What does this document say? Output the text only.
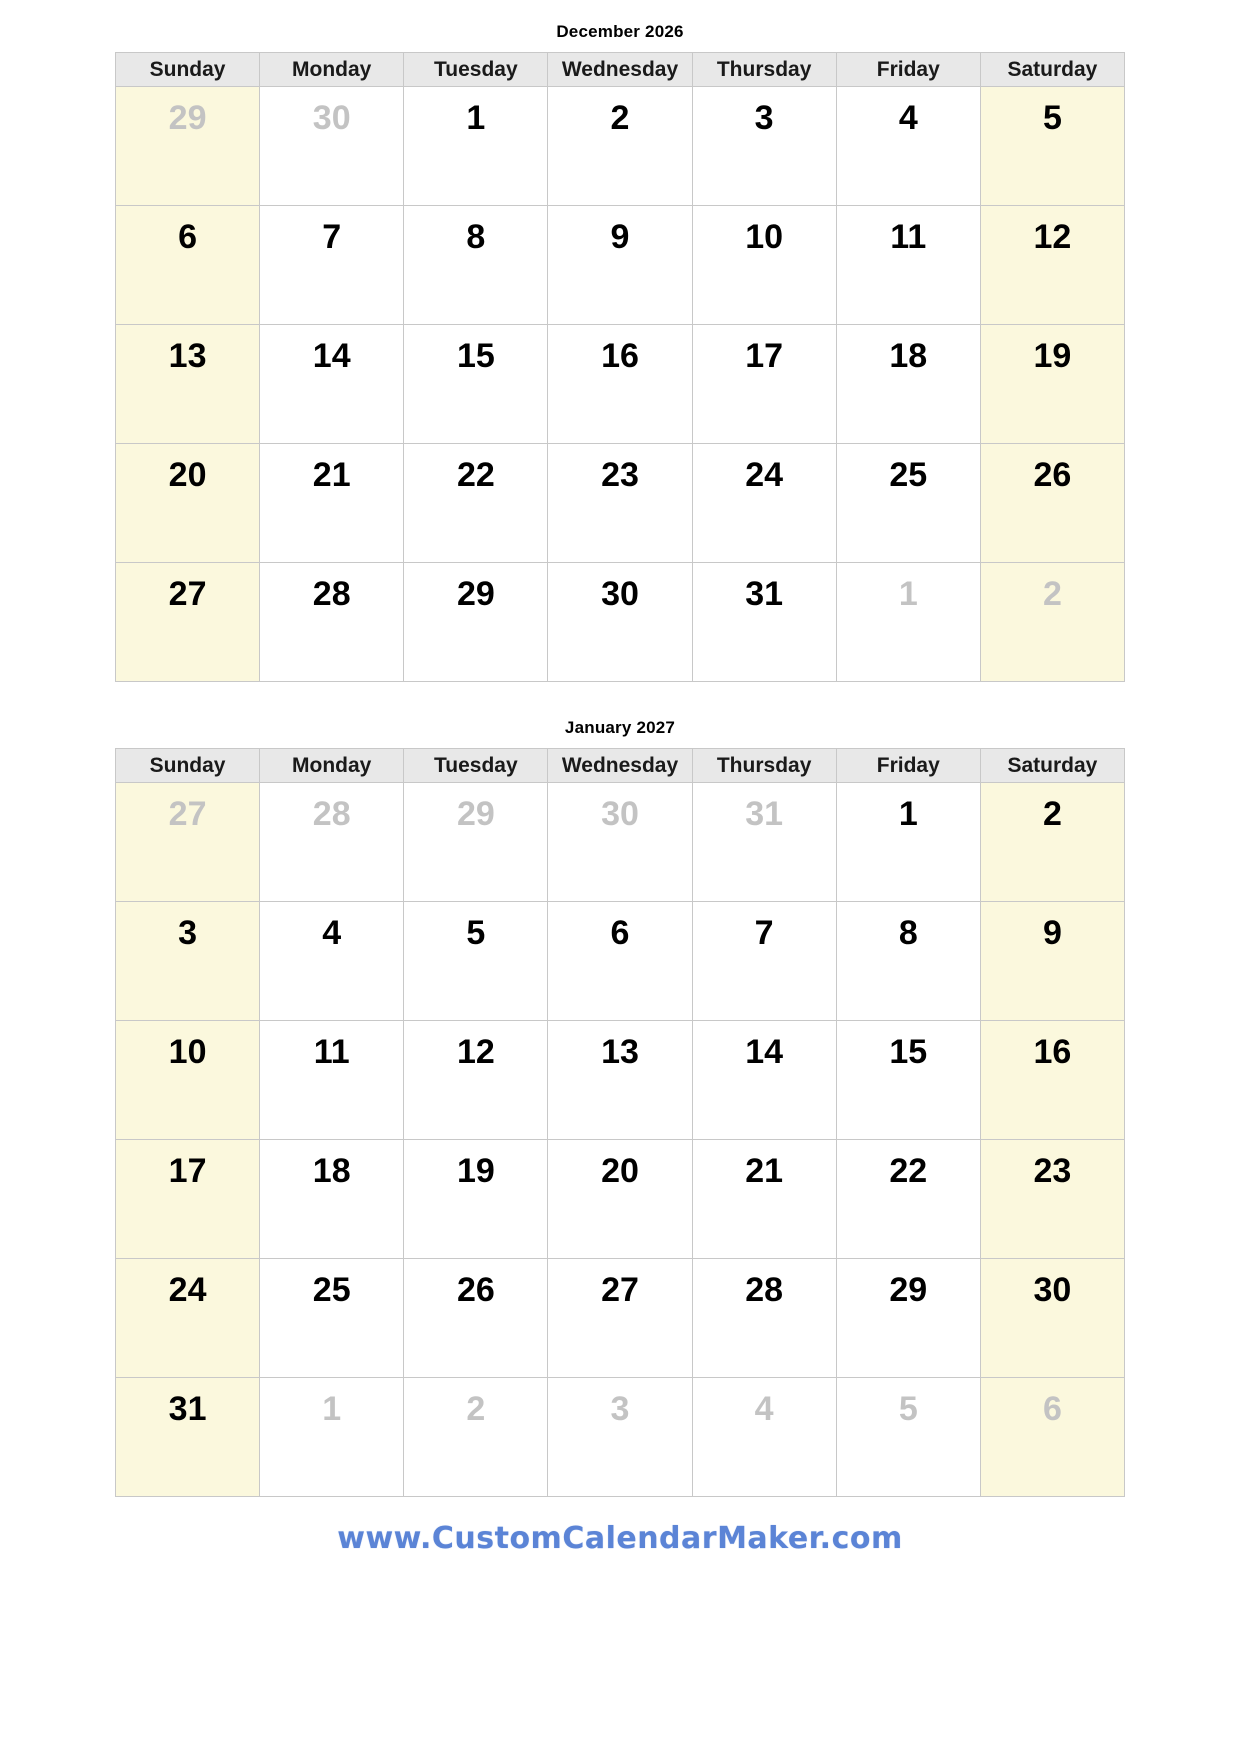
December 2026
Sunday	Monday	Tuesday	Wednesday	Thursday	Friday	Saturday

29	30	1	2	3	4	5

6	7	8	9	10	11	12

13	14	15	16	17	18	19

20	21	22	23	24	25	26

27	28	29	30	31	1	2
January 2027
Sunday	Monday	Tuesday	Wednesday	Thursday	Friday	Saturday

27	28	29	30	31	1	2

3	4	5	6	7	8	9

10	11	12	13	14	15	16

17	18	19	20	21	22	23

24	25	26	27	28	29	30

31	1	2	3	4	5	6
www.CustomCalendarMaker.com
